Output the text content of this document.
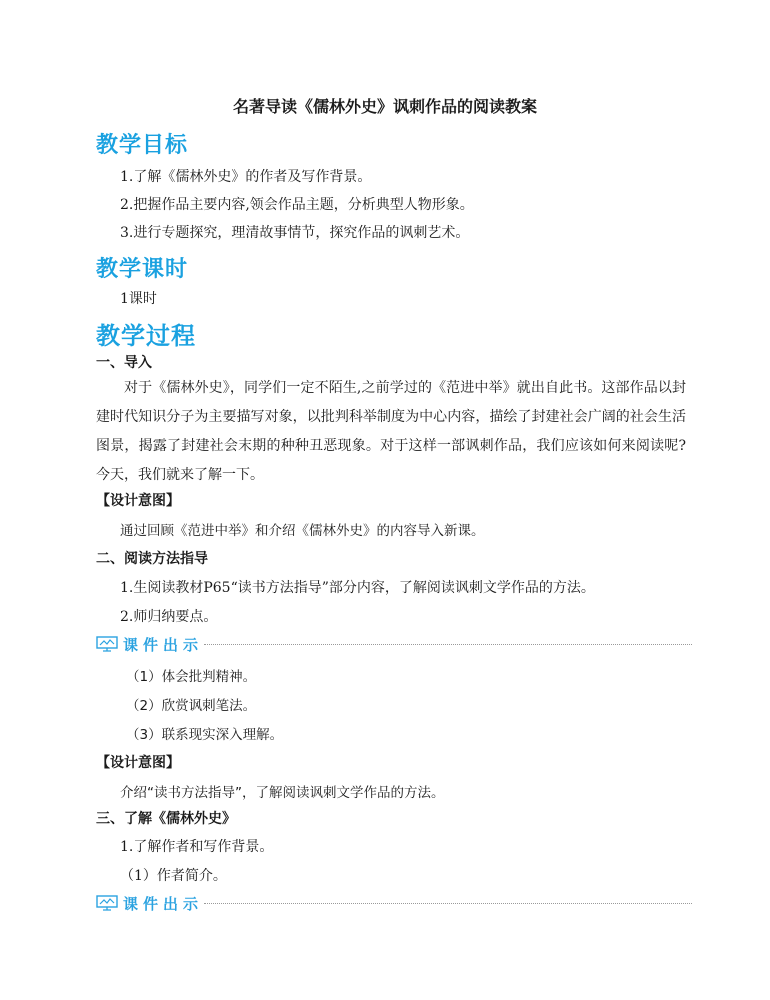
名著导读《儒林外史》讽刺作品的阅读教案
教学目标
1.了解《儒林外史》的作者及写作背景。
2.把握作品主要内容,领会作品主题，分析典型人物形象。
3.进行专题探究，理清故事情节，探究作品的讽刺艺术。
教学课时
1课时
教学过程
一、导入
对于《儒林外史》，同学们一定不陌生,之前学过的《范进中举》就出自此书。这部作品以封建时代知识分子为主要描写对象，以批判科举制度为中心内容，描绘了封建社会广阔的社会生活图景，揭露了封建社会末期的种种丑恶现象。对于这样一部讽刺作品，我们应该如何来阅读呢?今天，我们就来了解一下。
【设计意图】
通过回顾《范进中举》和介绍《儒林外史》的内容导入新课。
二、阅读方法指导
1.生阅读教材P65“读书方法指导”部分内容，了解阅读讽刺文学作品的方法。
2.师归纳要点。
课件出示
（1）体会批判精神。
（2）欣赏讽刺笔法。
（3）联系现实深入理解。
【设计意图】
介绍“读书方法指导”，了解阅读讽刺文学作品的方法。
三、了解《儒林外史》
1.了解作者和写作背景。
（1）作者简介。
课件出示
